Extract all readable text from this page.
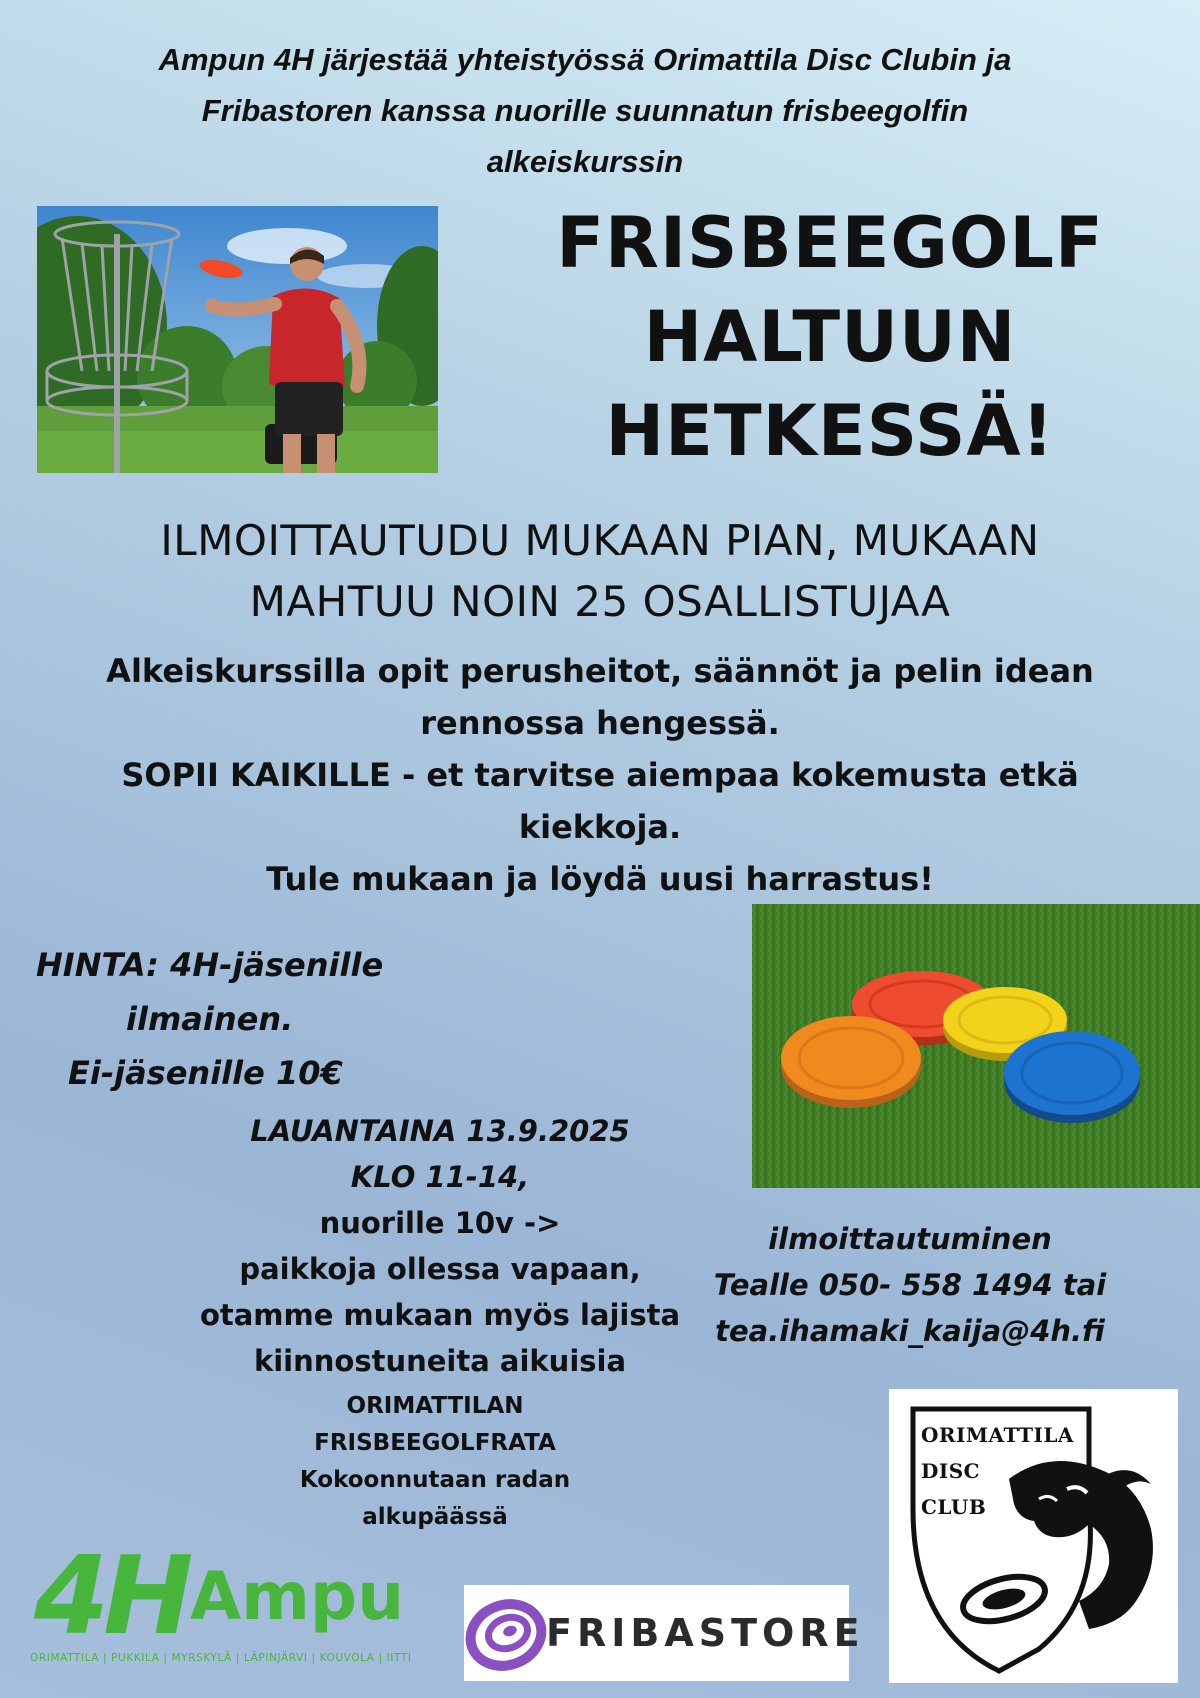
Ampun 4H järjestää yhteistyössä Orimattila Disc Clubin ja
Fribastoren kanssa nuorille suunnatun frisbeegolfin
alkeiskurssin
FRISBEEGOLF
HALTUUN
HETKESSÄ!
ILMOITTAUTUDU MUKAAN PIAN, MUKAAN
MAHTUU NOIN 25 OSALLISTUJAA
Alkeiskurssilla opit perusheitot, säännöt ja pelin idean
rennossa hengessä.
SOPII KAIKILLE - et tarvitse aiempaa kokemusta etkä
kiekkoja.
Tule mukaan ja löydä uusi harrastus!
HINTA: 4H-jäsenille
ilmainen.
Ei-jäsenille 10€
LAUANTAINA 13.9.2025
KLO 11-14,
nuorille 10v ->
paikkoja ollessa vapaan,
otamme mukaan myös lajista
kiinnostuneita aikuisia
ORIMATTILAN
FRISBEEGOLFRATA
Kokoonnutaan radan
alkupäässä
ilmoittautuminen
Tealle 050- 558 1494 tai
tea.ihamaki_kaija@4h.fi
4H Ampu
ORIMATTILA | PUKKILA | MYRSKYLÄ | LÄPINJÄRVI | KOUVOLA | IITTI
FRIBASTORE
ORIMATTILA
DISC
CLUB
